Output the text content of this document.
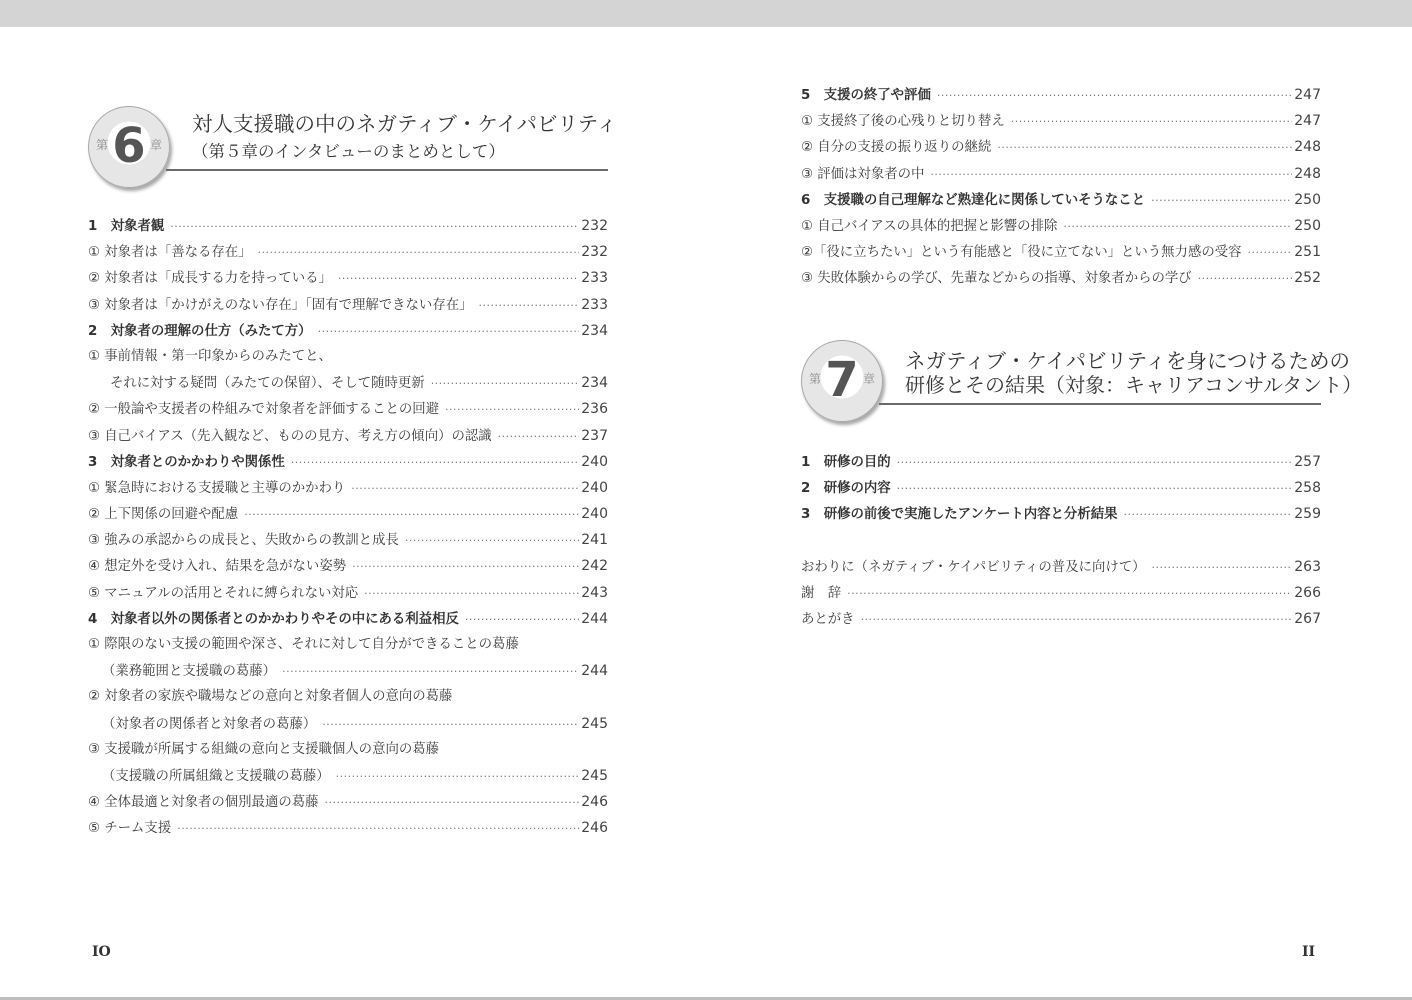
第 6 章
対人支援職の中のネガティブ・ケイパビリティ
（第５章のインタビューのまとめとして）
1　対象者観 ·····	232
① 対象者は「善なる存在」 ·····	232
② 対象者は「成長する力を持っている」 ·····	233
③ 対象者は「かけがえのない存在」「固有で理解できない存在」 ·····	233
2　対象者の理解の仕方（みたて方） ·····	234
① 事前情報・第一印象からのみたてと、
それに対する疑問（みたての保留）、そして随時更新 ·····	234
② 一般論や支援者の枠組みで対象者を評価することの回避 ·····	236
③ 自己バイアス（先入観など、ものの見方、考え方の傾向）の認識 ·····	237
3　対象者とのかかわりや関係性 ·····	240
① 緊急時における支援職と主導のかかわり ·····	240
② 上下関係の回避や配慮 ·····	240
③ 強みの承認からの成長と、失敗からの教訓と成長 ·····	241
④ 想定外を受け入れ、結果を急がない姿勢 ·····	242
⑤ マニュアルの活用とそれに縛られない対応 ·····	243
4　対象者以外の関係者とのかかわりやその中にある利益相反 ·····	244
① 際限のない支援の範囲や深さ、それに対して自分ができることの葛藤
（業務範囲と支援職の葛藤） ·····	244
② 対象者の家族や職場などの意向と対象者個人の意向の葛藤
（対象者の関係者と対象者の葛藤） ·····	245
③ 支援職が所属する組織の意向と支援職個人の意向の葛藤
（支援職の所属組織と支援職の葛藤） ·····	245
④ 全体最適と対象者の個別最適の葛藤 ·····	246
⑤ チーム支援 ·····	246
IO
5　支援の終了や評価 ·····	247
① 支援終了後の心残りと切り替え ·····	247
② 自分の支援の振り返りの継続 ·····	248
③ 評価は対象者の中 ·····	248
6　支援職の自己理解など熟達化に関係していそうなこと ·····	250
① 自己バイアスの具体的把握と影響の排除 ·····	250
②「役に立ちたい」という有能感と「役に立てない」という無力感の受容 ·····	251
③ 失敗体験からの学び、先輩などからの指導、対象者からの学び ·····	252
第 7 章
ネガティブ・ケイパビリティを身につけるための
研修とその結果（対象：キャリアコンサルタント）
1　研修の目的 ·····	257
2　研修の内容 ·····	258
3　研修の前後で実施したアンケート内容と分析結果 ·····	259
おわりに（ネガティブ・ケイパビリティの普及に向けて） ·····	263
謝　辞 ·····	266
あとがき ·····	267
II
